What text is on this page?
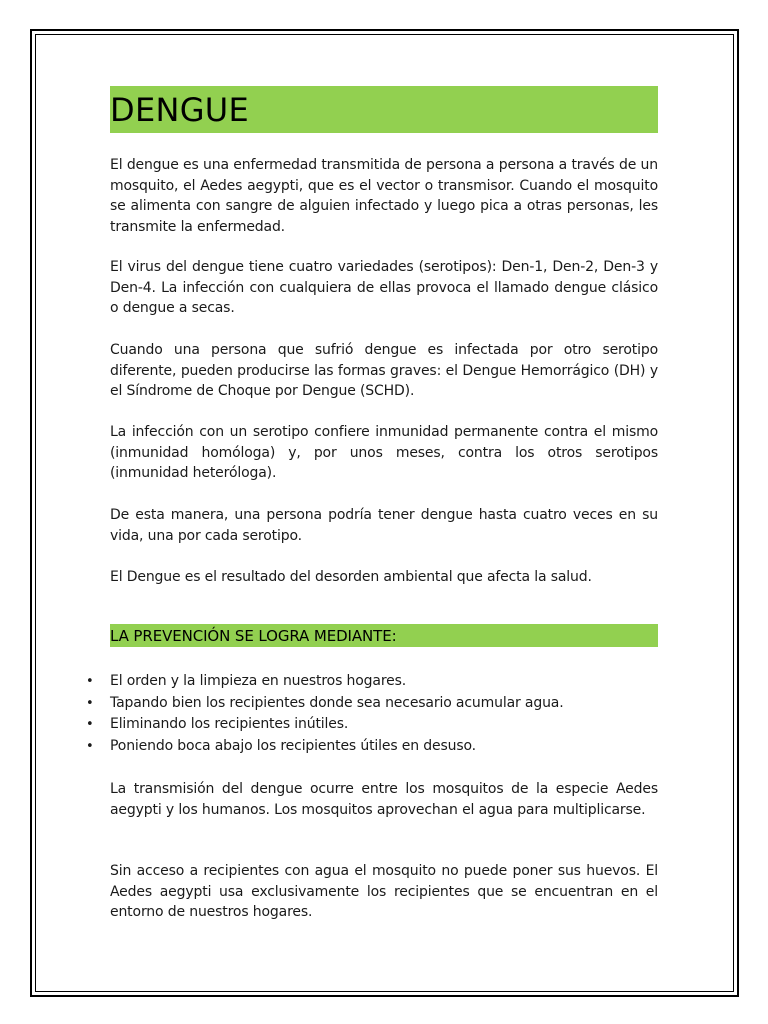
DENGUE

El dengue es una enfermedad transmitida de persona a persona a través de un mosquito, el Aedes aegypti, que es el vector o transmisor. Cuando el mosquito se alimenta con sangre de alguien infectado y luego pica a otras personas, les transmite la enfermedad.

El virus del dengue tiene cuatro variedades (serotipos): Den-1, Den-2, Den-3 y Den-4. La infección con cualquiera de ellas provoca el llamado dengue clásico o dengue a secas.

Cuando una persona que sufrió dengue es infectada por otro serotipo diferente, pueden producirse las formas graves: el Dengue Hemorrágico (DH) y el Síndrome de Choque por Dengue (SCHD).

La infección con un serotipo confiere inmunidad permanente contra el mismo (inmunidad homóloga) y, por unos meses, contra los otros serotipos (inmunidad heteróloga).

De esta manera, una persona podría tener dengue hasta cuatro veces en su vida, una por cada serotipo.

El Dengue es el resultado del desorden ambiental que afecta la salud.

LA PREVENCIÓN SE LOGRA MEDIANTE:
• El orden y la limpieza en nuestros hogares.
• Tapando bien los recipientes donde sea necesario acumular agua.
• Eliminando los recipientes inútiles.
• Poniendo boca abajo los recipientes útiles en desuso.

La transmisión del dengue ocurre entre los mosquitos de la especie Aedes aegypti y los humanos. Los mosquitos aprovechan el agua para multiplicarse.

Sin acceso a recipientes con agua el mosquito no puede poner sus huevos. El Aedes aegypti usa exclusivamente los recipientes que se encuentran en el entorno de nuestros hogares.
